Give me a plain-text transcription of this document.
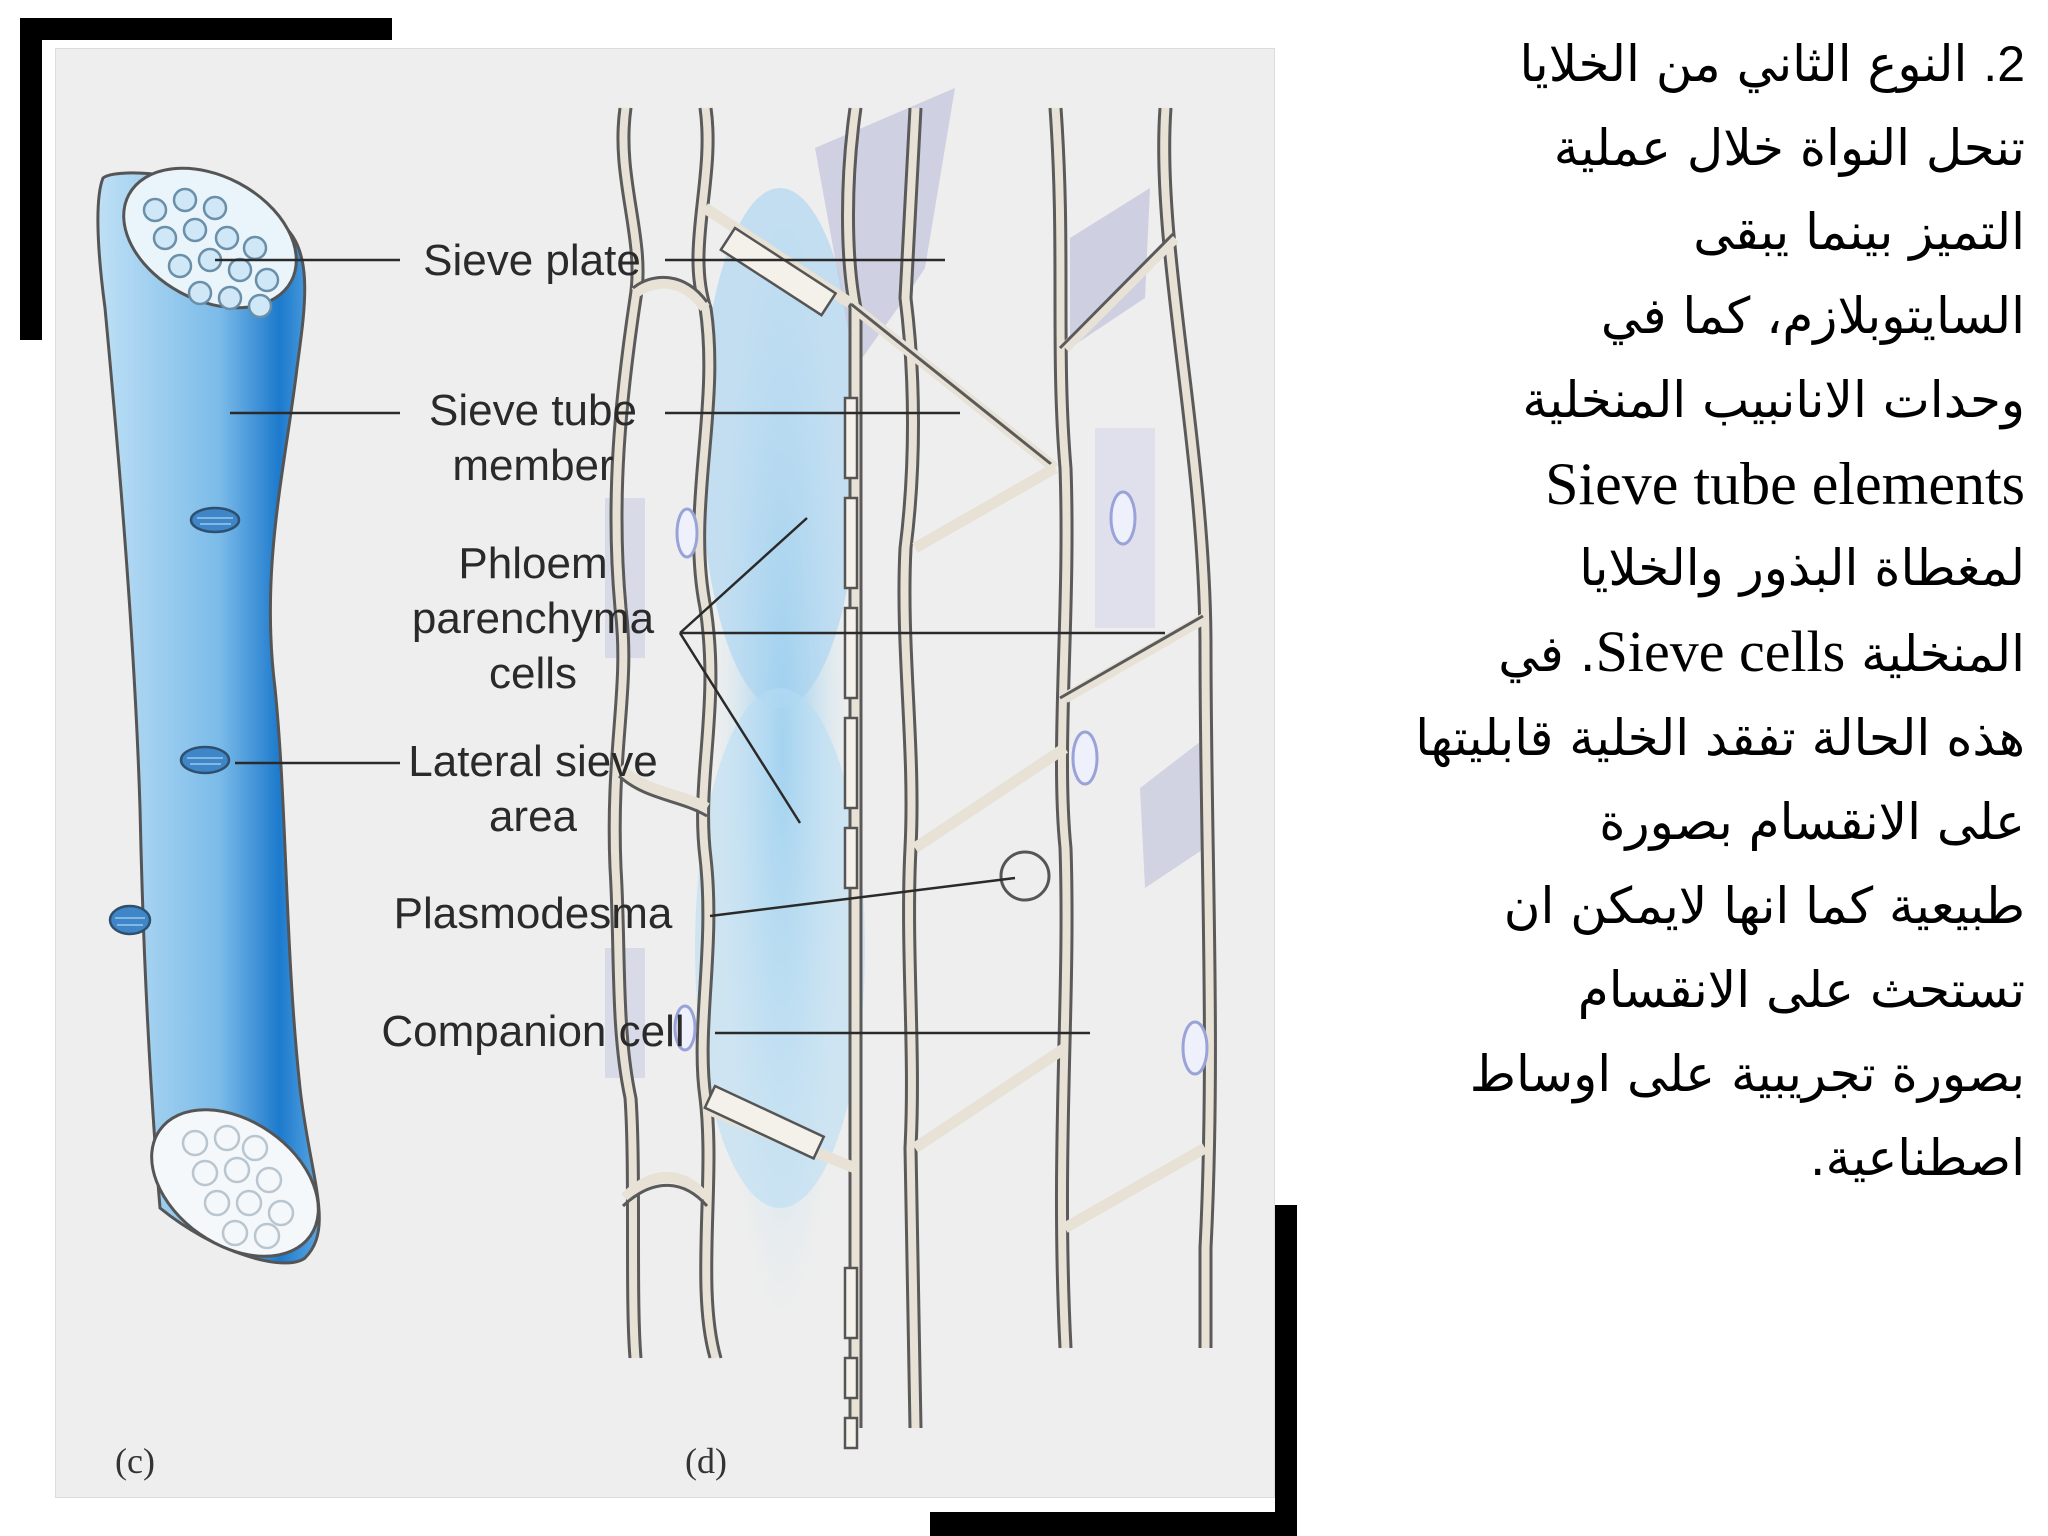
Sieve plate
Sieve tube
member
Phloem
parenchyma
cells
Lateral sieve
area
Plasmodesma
Companion cell
(c)	(d)
2. النوع الثاني من الخلايا
تنحل النواة خلال عملية
التميز بينما يبقى
السايتوبلازم، كما في
وحدات الانانبيب المنخلية
Sieve tube elements
لمغطاة البذور والخلايا
المنخلية Sieve cells. في
هذه الحالة تفقد الخلية قابليتها
على الانقسام بصورة
طبيعية كما انها لايمكن ان
تستحث على الانقسام
بصورة تجريبية على اوساط
اصطناعية.
